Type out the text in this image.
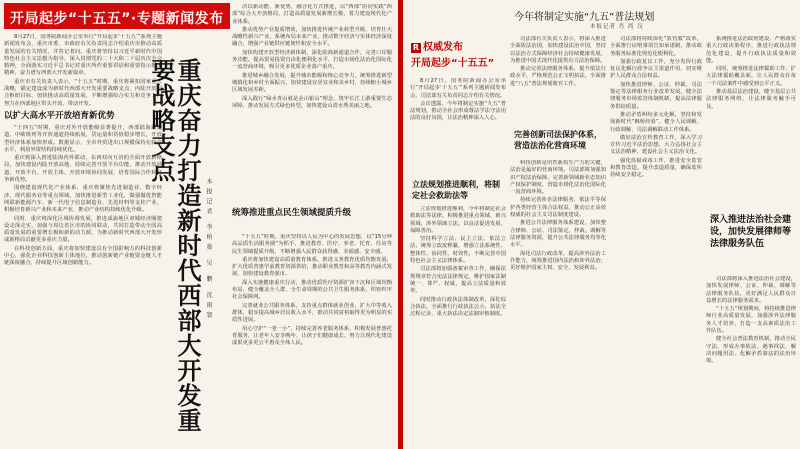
开局起步“十五五”·专题新闻发布

8月27日，国务院新闻办公室举行“开局起步‘十五五’”系列主题新闻发布会，重庆市委、市政府有关负责同志介绍重庆市推动高质量发展的有关情况，并答记者问。重庆将坚持以习近平新时代中国特色社会主义思想为指导，深入贯彻党的二十大和二十届历次全会精神，全面落实习近平总书记对重庆所作重要讲话和重要指示批示精神，奋力谱写西部大开发新篇章。

重庆市有关负责人表示，“十五五”时期，重庆将紧扣国家重大战略，锚定建设成为新时代西部大开发重要战略支点、内陆开放综合枢纽目标，加快推动高质量发展，不断增强综合实力和竞争力，努力在西部地区带头开放、带动开发。

以扩大高水平开放培育新优势

“十四五”时期，重庆对外开放能级显著提升，西部陆海新通道、中欧班列等开放通道持续拓展，货运量和货值稳步增长，开放型经济体系加快形成。数据显示，全市外贸进出口规模保持在较高水平，利用外资结构持续优化。

重庆将深入推进陆海内外联动、东西双向互济的全面开放新格局，加快建设内陆开放高地，持续完善开放平台功能，推动开放通道、开放平台、开放主体、开放环境协同发展，培育国际合作和竞争新优势。

围绕建设现代化产业体系，重庆将聚焦先进制造业、数字经济、现代服务业等重点领域，加快推进新型工业化，做强做优智能网联新能源汽车、新一代电子信息制造业、先进材料等支柱产业，积极培育新兴产业和未来产业，推动产业结构持续优化升级。

同时，重庆将深化区域协调发展，推进成渝地区双城经济圈建设走深走实，加强与周边省区市的协同联动，共同打造带动全国高质量发展的重要增长极和新的动力源，为推动新时代西部大开发形成新格局贡献更多重庆力量。

在科技创新方面，重庆将加快建设具有全国影响力的科技创新中心，强化企业科技创新主体地位，推动创新链产业链资金链人才链深度融合，持续提升区域创新能力。	重庆奋力打造新时代西部大开发重要战略支点
本报记者 李柏燊 吴 鹏 沈雨寰

决以新动能、新优势，融合化方式推进，以“西部”协同实践“西部”综合大开放格局，打造高质量发展新增长极，着力建设现代化产业体系。

推动优势产业提质增效，加快推进传统产业转型升级，培育壮大战略性新兴产业，系统布局未来产业，推动数字经济与实体经济深度融合，增强产业链供应链韧性和安全水平。

加快构建开放型经济新体制，深化陆海新通道合作，完善口岸服务功能，提高贸易投资自由化便利化水平，打造市场化法治化国际化一流营商环境，吸引更多优质企业落户重庆。

推进城乡融合发展，提升城市能级和核心竞争力，统筹推进新型城镇化和乡村全面振兴，加快建设宜居宜业和美乡村，持续缩小城乡区域发展差距。

深入践行“绿水青山就是金山银山”理念，筑牢长江上游重要生态屏障，推动发展方式绿色转型，加快建设山清水秀美丽之地。

统筹推进重点民生领域提质升级

“十五五”时期，重庆坚持以人民为中心的发展思想，以“15分钟高品质生活服务圈”为抓手，推进教育、医疗、养老、托育、住房等民生领域提质升级，不断增强人民群众获得感、幸福感、安全感。

重庆将加快建设高质量教育体系，推进义务教育优质均衡发展，扩大优质普惠学前教育资源供给，推动职业教育和高等教育内涵式发展，加快建设教育强市。

深入实施健康重庆行动，推动优质医疗资源扩容下沉和区域均衡布局，健全覆盖全人群、全生命周期的公共卫生服务体系，织密织牢社会保障网。

完善就业公共服务体系，支持重点群体就业创业，扩大中等收入群体，稳步提高城乡居民收入水平，推动共同富裕取得更为明显的实质性进展。

用心守护“一老一小”，持续完善养老服务体系，积极发展普惠托育服务，让老年人安享晚年、让孩子们健康成长，努力让现代化建设成果更多更公平惠及全体人民。

今年将制定实施“九五”普法规划
本报记者 肖 尚 汉
R 权威发布
开局起步“十五五”

8月27日，国务院新闻办公室举行“开局起步‘十五五’”系列主题新闻发布会，司法部有关负责同志介绍有关情况。

会议透露，今年将制定实施“九五”普法规划，推动全社会形成尊法学法守法用法的良好氛围，让法治精神深入人心。

司法部有关负责人表示，将深入推进全面依法治国，加快建设法治中国，坚持以法治方式保障经济社会持续健康发展，为推进中国式现代化提供有力法治保障。

推动完善法律服务体系，提升依法行政水平，严格规范公正文明执法，全面推进“八五”普法规划收官工作。

完善创新司法保护体系，营造法治化营商环境
立法规划推进顺利，将制定社会救助法等

立法规划推进顺利，今年将制定社会救助法等法律，积极推进重点领域、新兴领域、涉外领域立法，以良法促进发展、保障善治。

坚持科学立法、民主立法、依法立法，统筹立改废释纂，增强立法系统性、整体性、协同性、时效性，不断完善中国特色社会主义法律体系。

司法部将加强备案审查工作，确保法规规章符合宪法法律规定，维护国家法制统一、尊严、权威，提高立法质量和效率。

同时推动行政执法体制改革，深化综合执法，全面推行行政执法公示、执法全过程记录、重大执法决定法制审核制度。

科技创新是培育新质生产力的关键，法治是最好的营商环境。司法部将加强知识产权法治保障，完善新领域新业态知识产权保护制度，营造市场化法治化国际化一流营商环境。

持续完善涉企法律服务，依法平等保护各类经营主体合法权益，推动公正高效权威的社会主义司法制度建设。

推进公共法律服务体系建设，加快整合律师、公证、司法鉴定、仲裁、调解等法律服务资源，提升公共法律服务均等化水平。

深化司法行政改革，提高涉外法治工作能力，统筹推进国内法治和涉外法治，更好维护国家主权、安全、发展利益。

司法部将持续深化“放管服”改革，全面推行证明事项告知承诺制，推动政务服务标准化规范化便利化。

加强行政复议工作，充分发挥行政复议化解行政争议主渠道作用，切实维护人民群众合法权益。

加快推进律师、公证、仲裁、司法鉴定等法律服务行业改革发展，健全法律服务市场监管体制机制，提高法律服务供给质量。

推动矛盾纠纷多元化解，坚持和发展新时代“枫桥经验”，健全人民调解、行政调解、司法调解联动工作体系。

做好法治宣传教育工作，深入学习宣传习近平法治思想，大力弘扬社会主义法治精神，建设社会主义法治文化。

强化监狱戒毒工作，推进安全监管和教育改造，提升改造质量，确保监所持续安全稳定。

系统推进法治政府建设，严格落实重大行政决策程序，推进行政执法规范化建设，提升行政执法质量和效能。

同时，统筹推进法律援助工作，扩大法律援助覆盖面，让人民群众在每一个司法案件中感受到公平正义。

推动基层法治建设，健全基层公共法律服务网络，让法律服务触手可及。

深入推进法治社会建设，加快发展律师等法律服务队伍

司法部将深入推进法治社会建设，加快发展律师、公证、仲裁、调解等法律服务队伍，更好满足人民群众日益增长的法律服务需求。

“十五五”规划期间，将持续推进律师行业高质量发展，加强涉外法律服务人才培养，打造一支高素质法治工作队伍。

健全社会普法教育机制，推动全民守法，形成办事依法、遇事找法、解决问题用法、化解矛盾靠法的法治环境。
